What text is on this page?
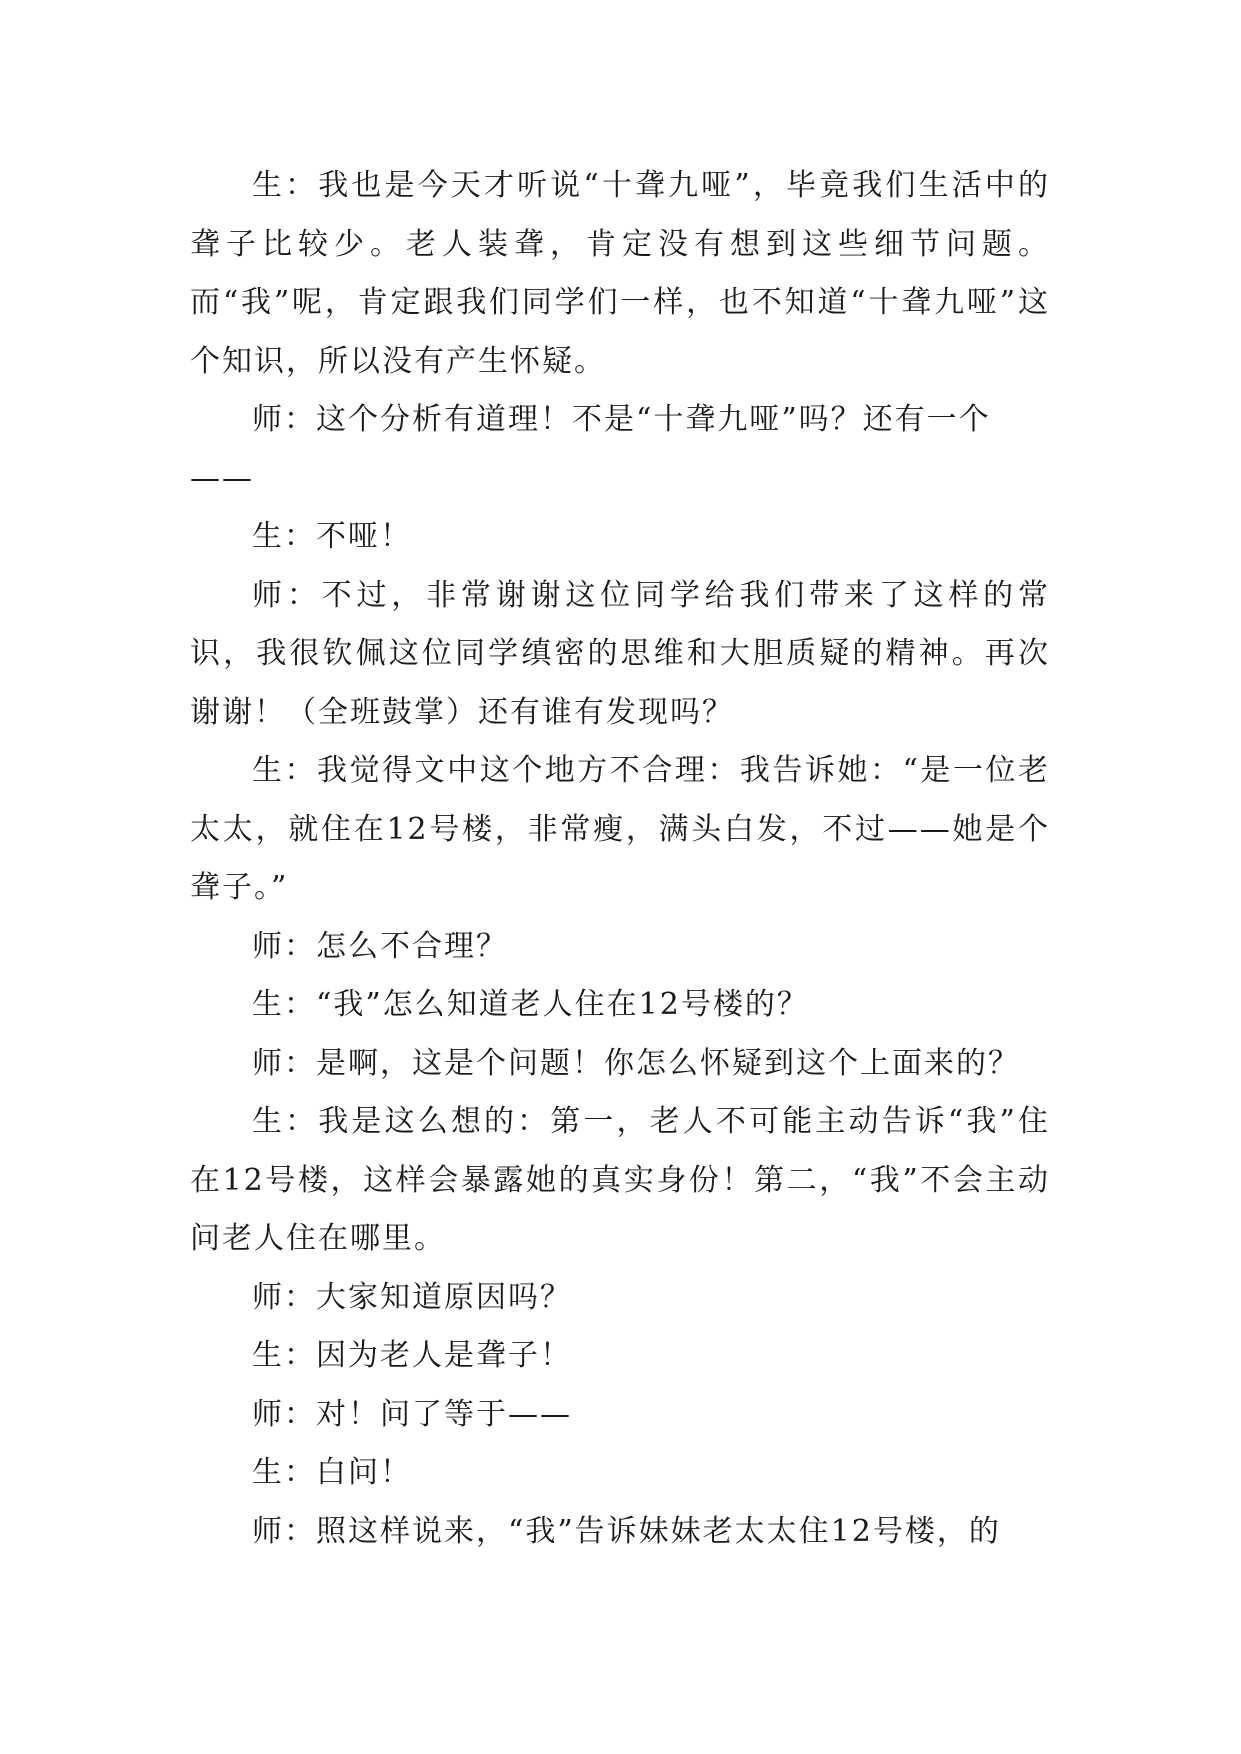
生：我也是今天才听说“十聋九哑”，毕竟我们生活中的聋子比较少。老人装聋，肯定没有想到这些细节问题。而“我”呢，肯定跟我们同学们一样，也不知道“十聋九哑”这个知识，所以没有产生怀疑。

师：这个分析有道理！不是“十聋九哑”吗？还有一个

——

生：不哑！

师：不过，非常谢谢这位同学给我们带来了这样的常识，我很钦佩这位同学缜密的思维和大胆质疑的精神。再次谢谢！（全班鼓掌）还有谁有发现吗？

生：我觉得文中这个地方不合理：我告诉她：“是一位老太太，就住在12号楼，非常瘦，满头白发，不过——她是个聋子。”

师：怎么不合理？

生：“我”怎么知道老人住在12号楼的？

师：是啊，这是个问题！你怎么怀疑到这个上面来的？

生：我是这么想的：第一，老人不可能主动告诉“我”住在12号楼，这样会暴露她的真实身份！第二，“我”不会主动问老人住在哪里。

师：大家知道原因吗？

生：因为老人是聋子！

师：对！问了等于——

生：白问！

师：照这样说来，“我”告诉妹妹老太太住12号楼，的
